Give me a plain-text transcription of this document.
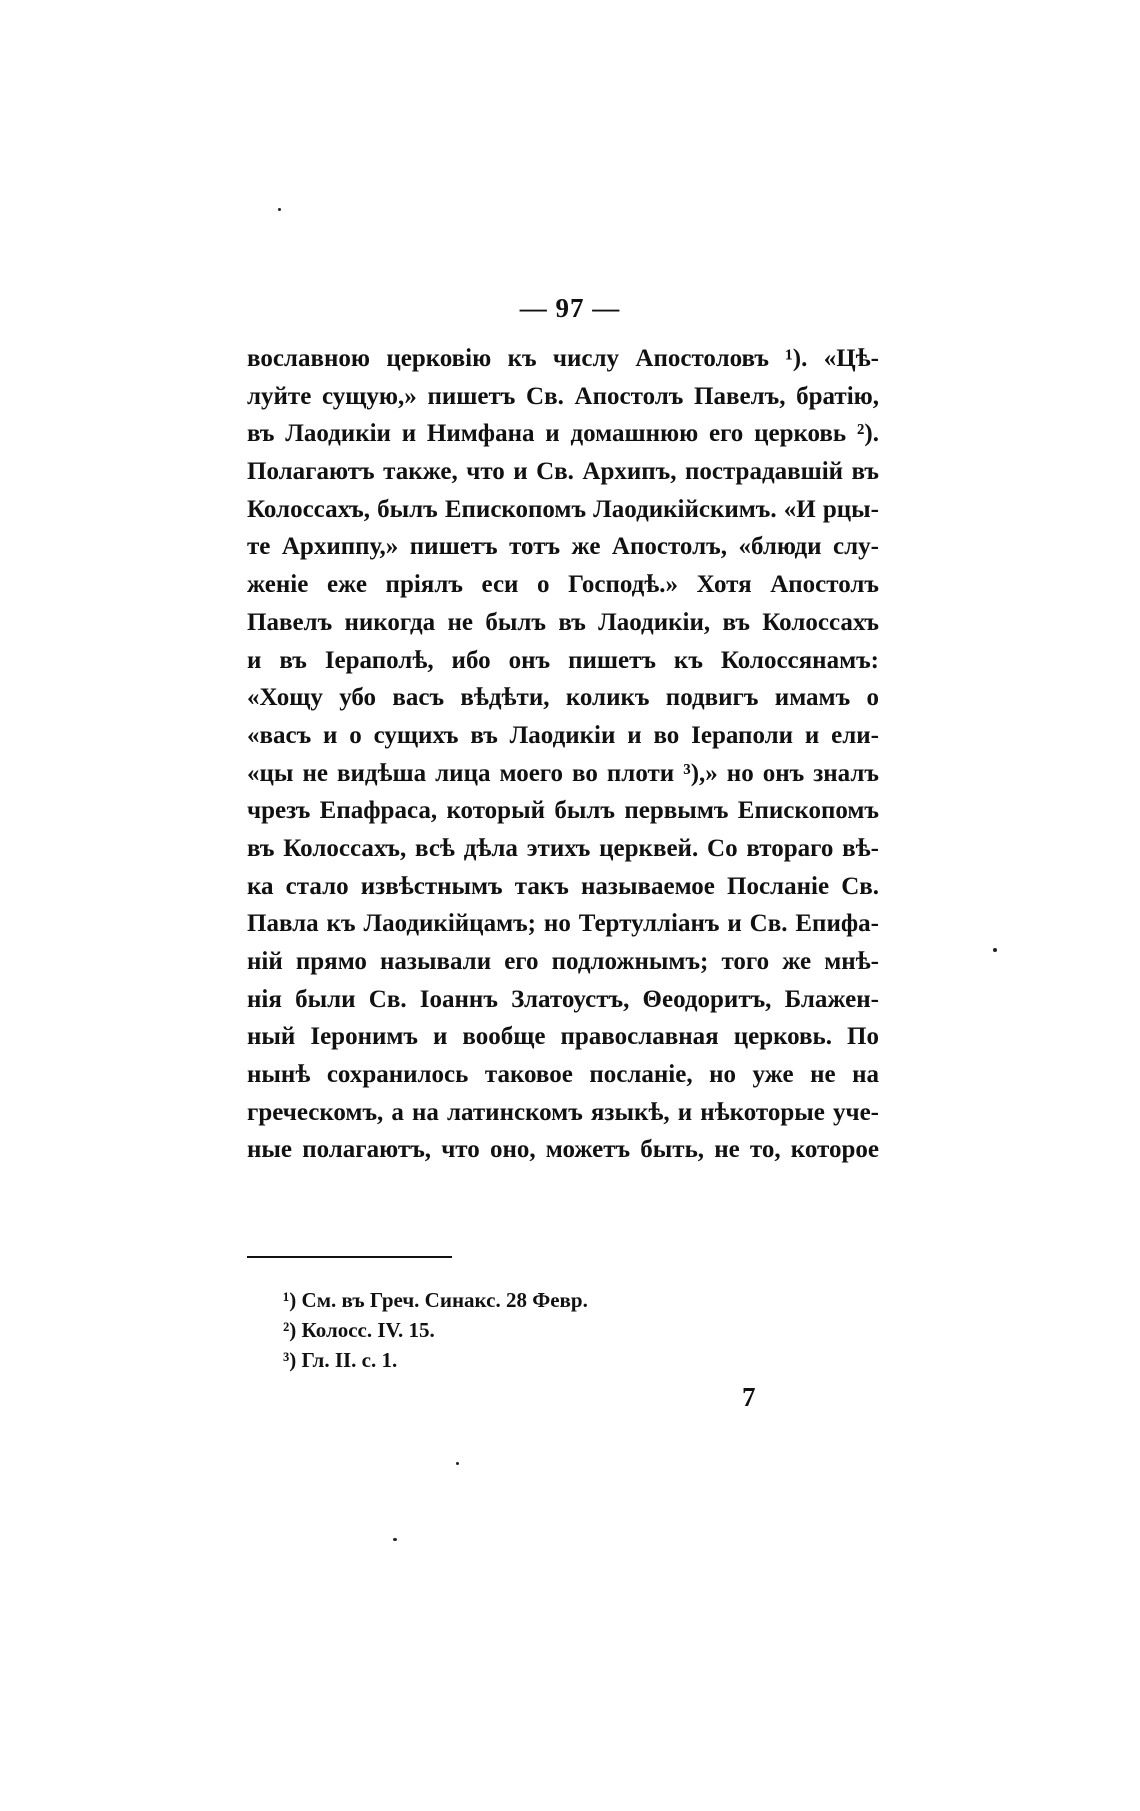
— 97 —
вославною церковію къ числу Апостоловъ ¹). «Цѣ-
луйте сущую,» пишетъ Св. Апостолъ Павелъ, братію,
въ Лаодикіи и Нимфана и домашнюю его церковь ²).
Полагаютъ также, что и Св. Архипъ, пострадавшій въ
Колоссахъ, былъ Епископомъ Лаодикійскимъ. «И рцы-
те Архиппу,» пишетъ тотъ же Апостолъ, «блюди слу-
женіе еже пріялъ еси о Господѣ.» Хотя Апостолъ
Павелъ никогда не былъ въ Лаодикіи, въ Колоссахъ
и въ Іераполѣ, ибо онъ пишетъ къ Колоссянамъ:
«Хощу убо васъ вѣдѣти, коликъ подвигъ имамъ о
«васъ и о сущихъ въ Лаодикіи и во Іераполи и ели-
«цы не видѣша лица моего во плоти ³),» но онъ зналъ
чрезъ Епафраса, который былъ первымъ Епископомъ
въ Колоссахъ, всѣ дѣла этихъ церквей. Со втораго вѣ-
ка стало извѣстнымъ такъ называемое Посланіе Св.
Павла къ Лаодикійцамъ; но Тертулліанъ и Св. Епифа-
ній прямо называли его подложнымъ; того же мнѣ-
нія были Св. Іоаннъ Златоустъ, Θеодоритъ, Блажен-
ный Іеронимъ и вообще православная церковь. По
нынѣ сохранилось таковое посланіе, но уже не на
греческомъ, а на латинскомъ языкѣ, и нѣкоторые уче-
ные полагаютъ, что оно, можетъ быть, не то, которое
¹) См. въ Греч. Синакс. 28 Февр.
²) Колосс. IV. 15.
³) Гл. II. с. 1.
7
